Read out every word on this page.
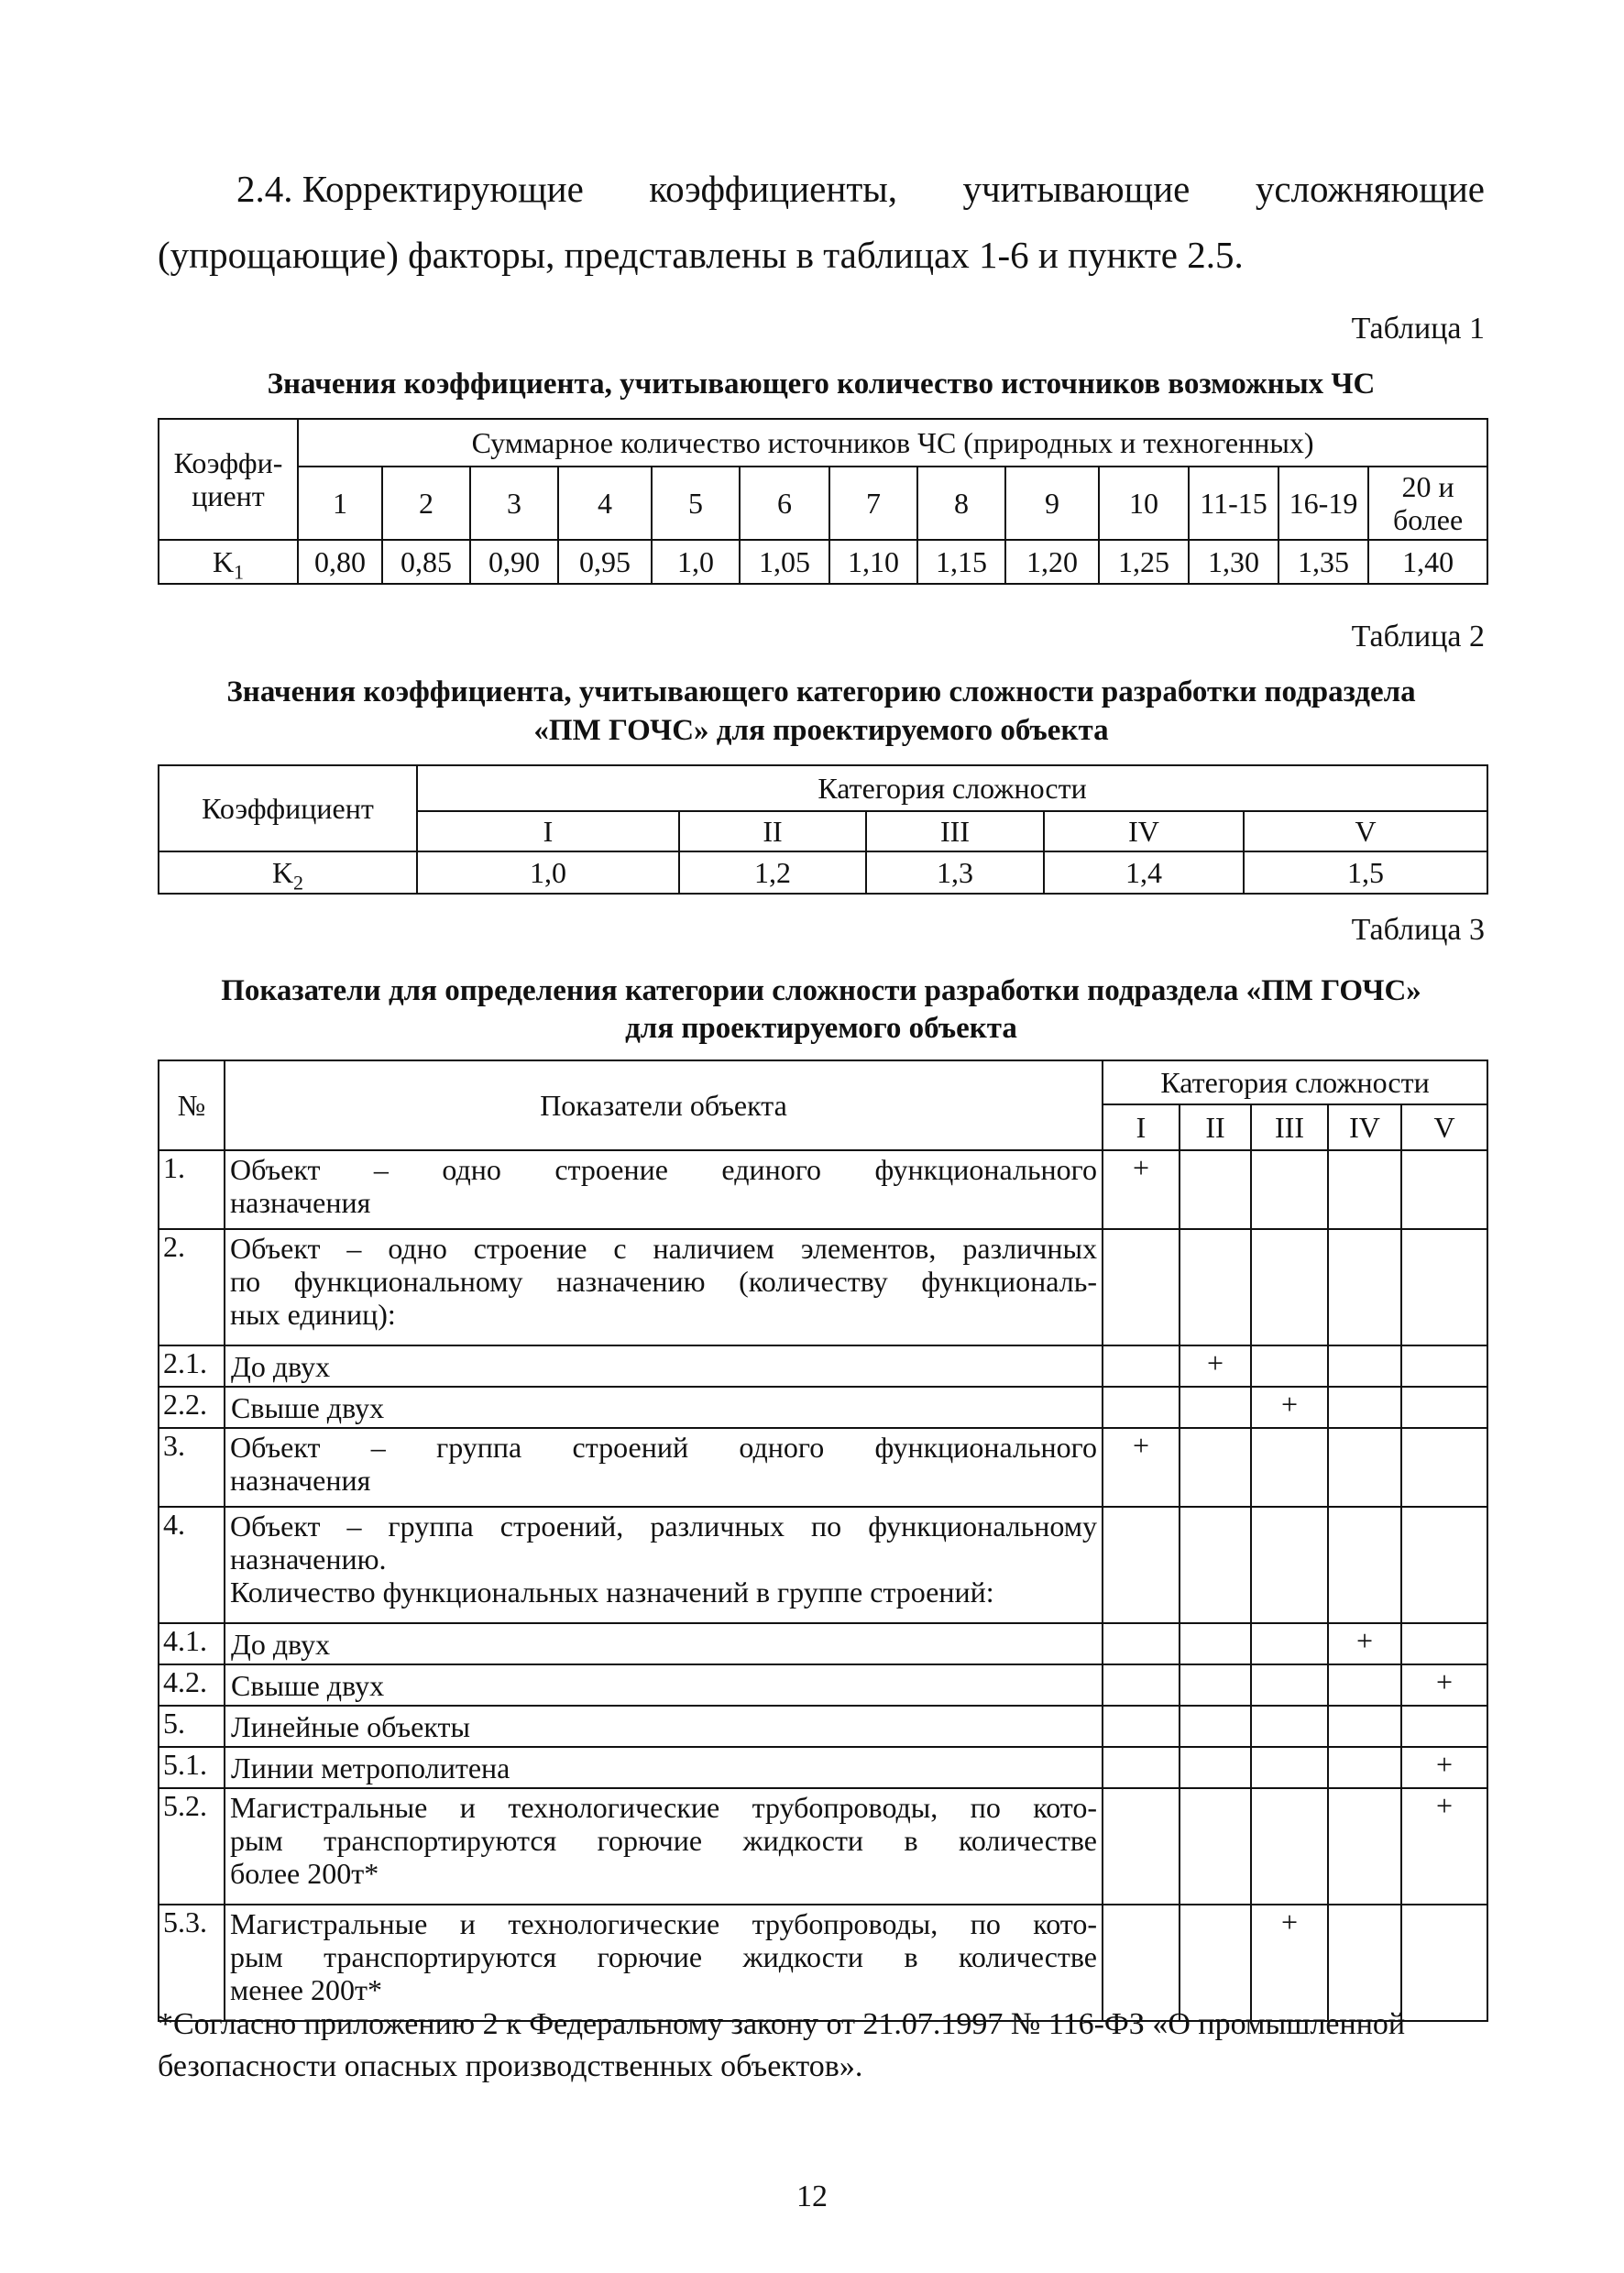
2.4. Корректирующие коэффициенты, учитывающие усложняющие
(упрощающие) факторы, представлены в таблицах 1-6 и пункте 2.5.
Таблица 1
Значения коэффициента, учитывающего количество источников возможных ЧС
Коэффи-циент	Суммарное количество источников ЧС (природных и техногенных)												
	1	2	3	4	5	6	7	8	9	10	11-15	16-19	20 и более
$K_1$	0,80	0,85	0,90	0,95	1,0	1,05	1,10	1,15	1,20	1,25	1,30	1,35	1,40
Таблица 2
Значения коэффициента, учитывающего категорию сложности разработки подраздела
«ПМ ГОЧС» для проектируемого объекта
Коэффициент	Категория сложности				
	I	II	III	IV	V
$K_2$	1,0	1,2	1,3	1,4	1,5
Таблица 3
Показатели для определения категории сложности разработки подраздела «ПМ ГОЧС»
для проектируемого объекта
№	Показатели объекта	Категория сложности				
		I	II	III	IV	V
1.	Объект – одно строение единого функционального
назначения	+				
2.	Объект – одно строение с наличием элементов, различных
по функциональному назначению (количеству функциональ-
ных единиц):					

2.1.	До двух		+			
2.2.	Свыше двух			+		
3.	Объект – группа строений одного функционального
назначения	+				
4.	Объект – группа строений, различных по функциональному
назначению.
Количество функциональных назначений в группе строений:					

4.1.	До двух				+	
4.2.	Свыше двух					+
5.	Линейные объекты					

5.1.	Линии метрополитена					+
5.2.	Магистральные и технологические трубопроводы, по кото-
рым транспортируются горючие жидкости в количестве
более 200т*					+
5.3.	Магистральные и технологические трубопроводы, по кото-
рым транспортируются горючие жидкости в количестве
менее 200т*			+		
*Согласно приложению 2 к Федеральному закону от 21.07.1997 № 116-ФЗ «О промышленной безопасности опасных производственных объектов».
12
